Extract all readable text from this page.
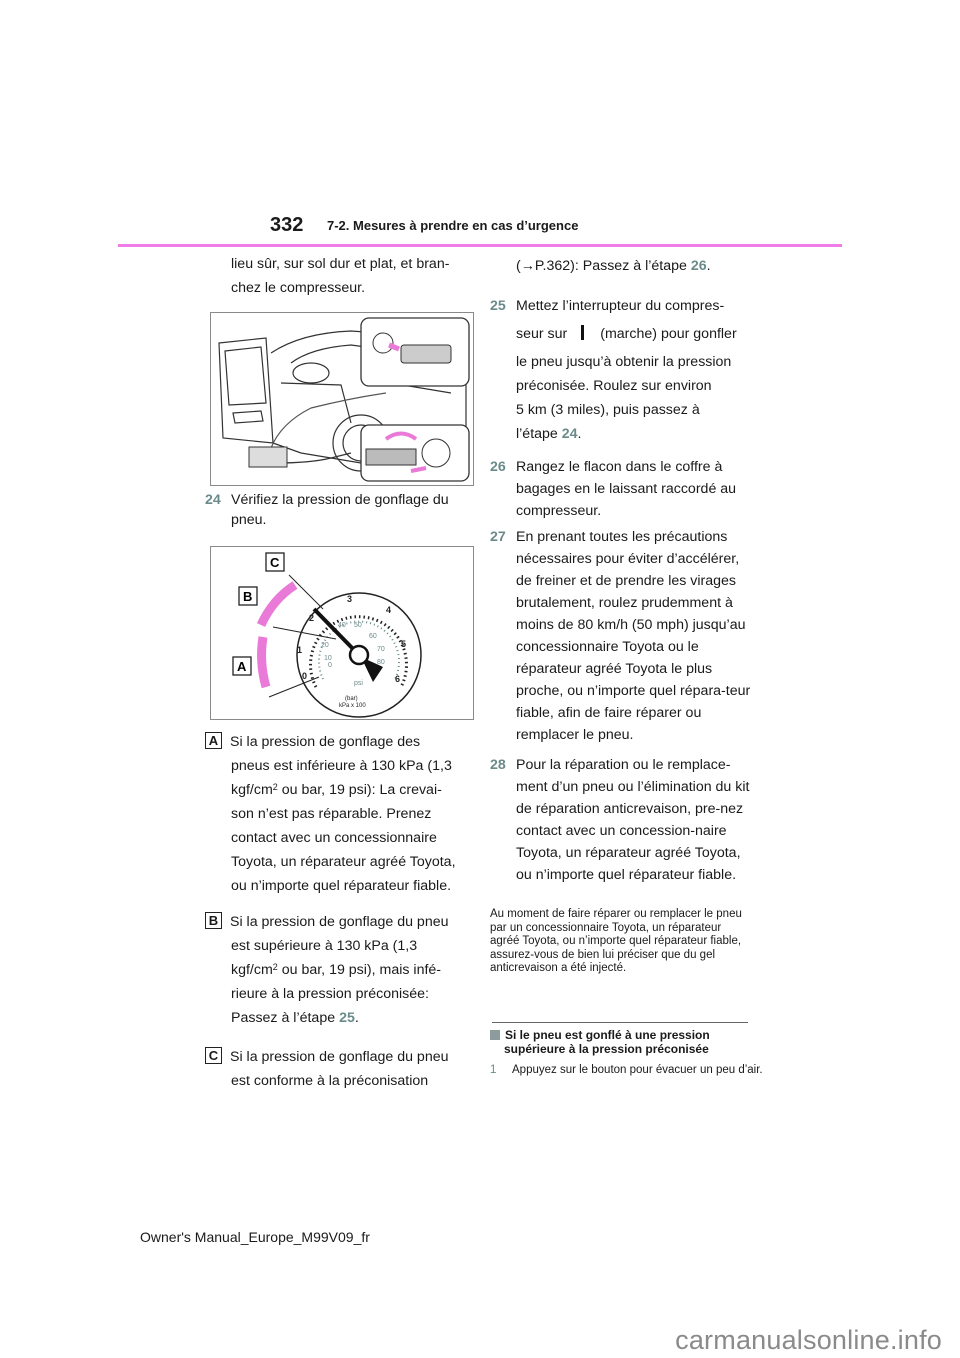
332 7-2. Mesures à prendre en cas d’urgence
lieu sûr, sur sol dur et plat, et bran-
chez le compresseur.
24 Vérifiez la pression de gonflage du pneu.
0
1
2
3
4
5
6
0
10
20
40 50
60
70
80
psi
(bar)
kPa x 100
C
B
A
A Si la pression de gonflage des
pneus est inférieure à 130 kPa (1,3
kgf/$cm^2$ ou bar, 19 psi): La crevai-
son n’est pas réparable. Prenez
contact avec un concessionnaire
Toyota, un réparateur agréé Toyota,
ou n’importe quel réparateur fiable.
B Si la pression de gonflage du pneu
est supérieure à 130 kPa (1,3
kgf/$cm^2$ ou bar, 19 psi), mais infé-
rieure à la pression préconisée:
Passez à l’étape 25.
C Si la pression de gonflage du pneu
est conforme à la préconisation
(→P.362): Passez à l’étape 26.
25 Mettez l’interrupteur du compres-
seur sur (marche) pour gonfler
le pneu jusqu’à obtenir la pression
préconisée. Roulez sur environ
5 km (3 miles), puis passez à
l’étape 24.
26 Rangez le flacon dans le coffre à bagages en le laissant raccordé au compresseur.
27 En prenant toutes les précautions nécessaires pour éviter d’accélérer, de freiner et de prendre les virages brutalement, roulez prudemment à moins de 80 km/h (50 mph) jusqu’au concessionnaire Toyota ou le réparateur agréé Toyota le plus proche, ou n’importe quel répara-teur fiable, afin de faire réparer ou remplacer le pneu.
28 Pour la réparation ou le remplace-ment d’un pneu ou l’élimination du kit de réparation anticrevaison, pre-nez contact avec un concession-naire Toyota, un réparateur agréé Toyota, ou n’importe quel réparateur fiable.
Au moment de faire réparer ou remplacer le pneu par un concessionnaire Toyota, un réparateur agréé Toyota, ou n’importe quel réparateur fiable, assurez-vous de bien lui préciser que du gel anticrevaison a été injecté.
Si le pneu est gonflé à une pression supérieure à la pression préconisée
1 Appuyez sur le bouton pour évacuer un peu d’air.
Owner's Manual_Europe_M99V09_fr
carmanualsonline.info
